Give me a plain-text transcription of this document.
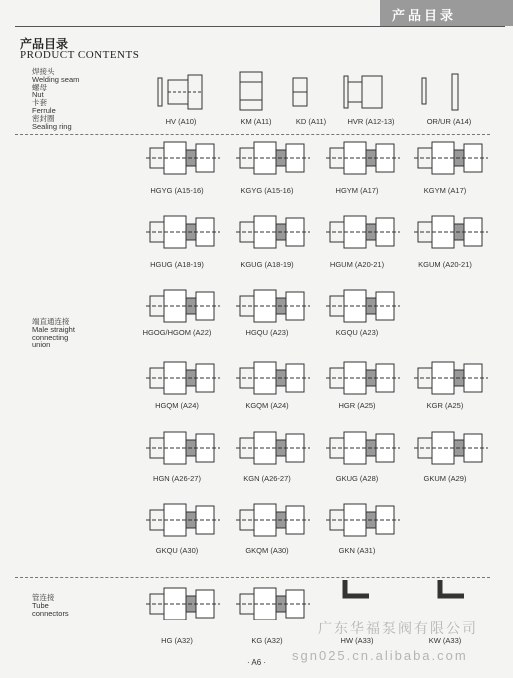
产品目录
产品目录
PRODUCT CONTENTS
焊接头
Welding seam
螺母
Nut
卡套
Ferrule
密封圈
Sealing ring
端直通连接
Male straight
connecting
union
管连接
Tube
connectors
HV (A10)	KM (A11)	KD (A11)	HVR (A12-13)	OR/UR (A14)
HGYG (A15-16)	KGYG (A15-16)	HGYM (A17)	KGYM (A17)
HGUG (A18-19)	KGUG (A18-19)	HGUM (A20-21)	KGUM (A20-21)
HGOG/HGOM (A22)	HGQU (A23)	KGQU (A23)
HGQM (A24)	KGQM (A24)	HGR (A25)	KGR (A25)
HGN (A26-27)	KGN (A26-27)	GKUG (A28)	GKUM (A29)
GKQU (A30)	GKQM (A30)	GKN (A31)
HG (A32)	KG (A32)	HW (A33)	KW (A33)
广东华福泵阀有限公司
sgn025.cn.alibaba.com
· A6 ·
